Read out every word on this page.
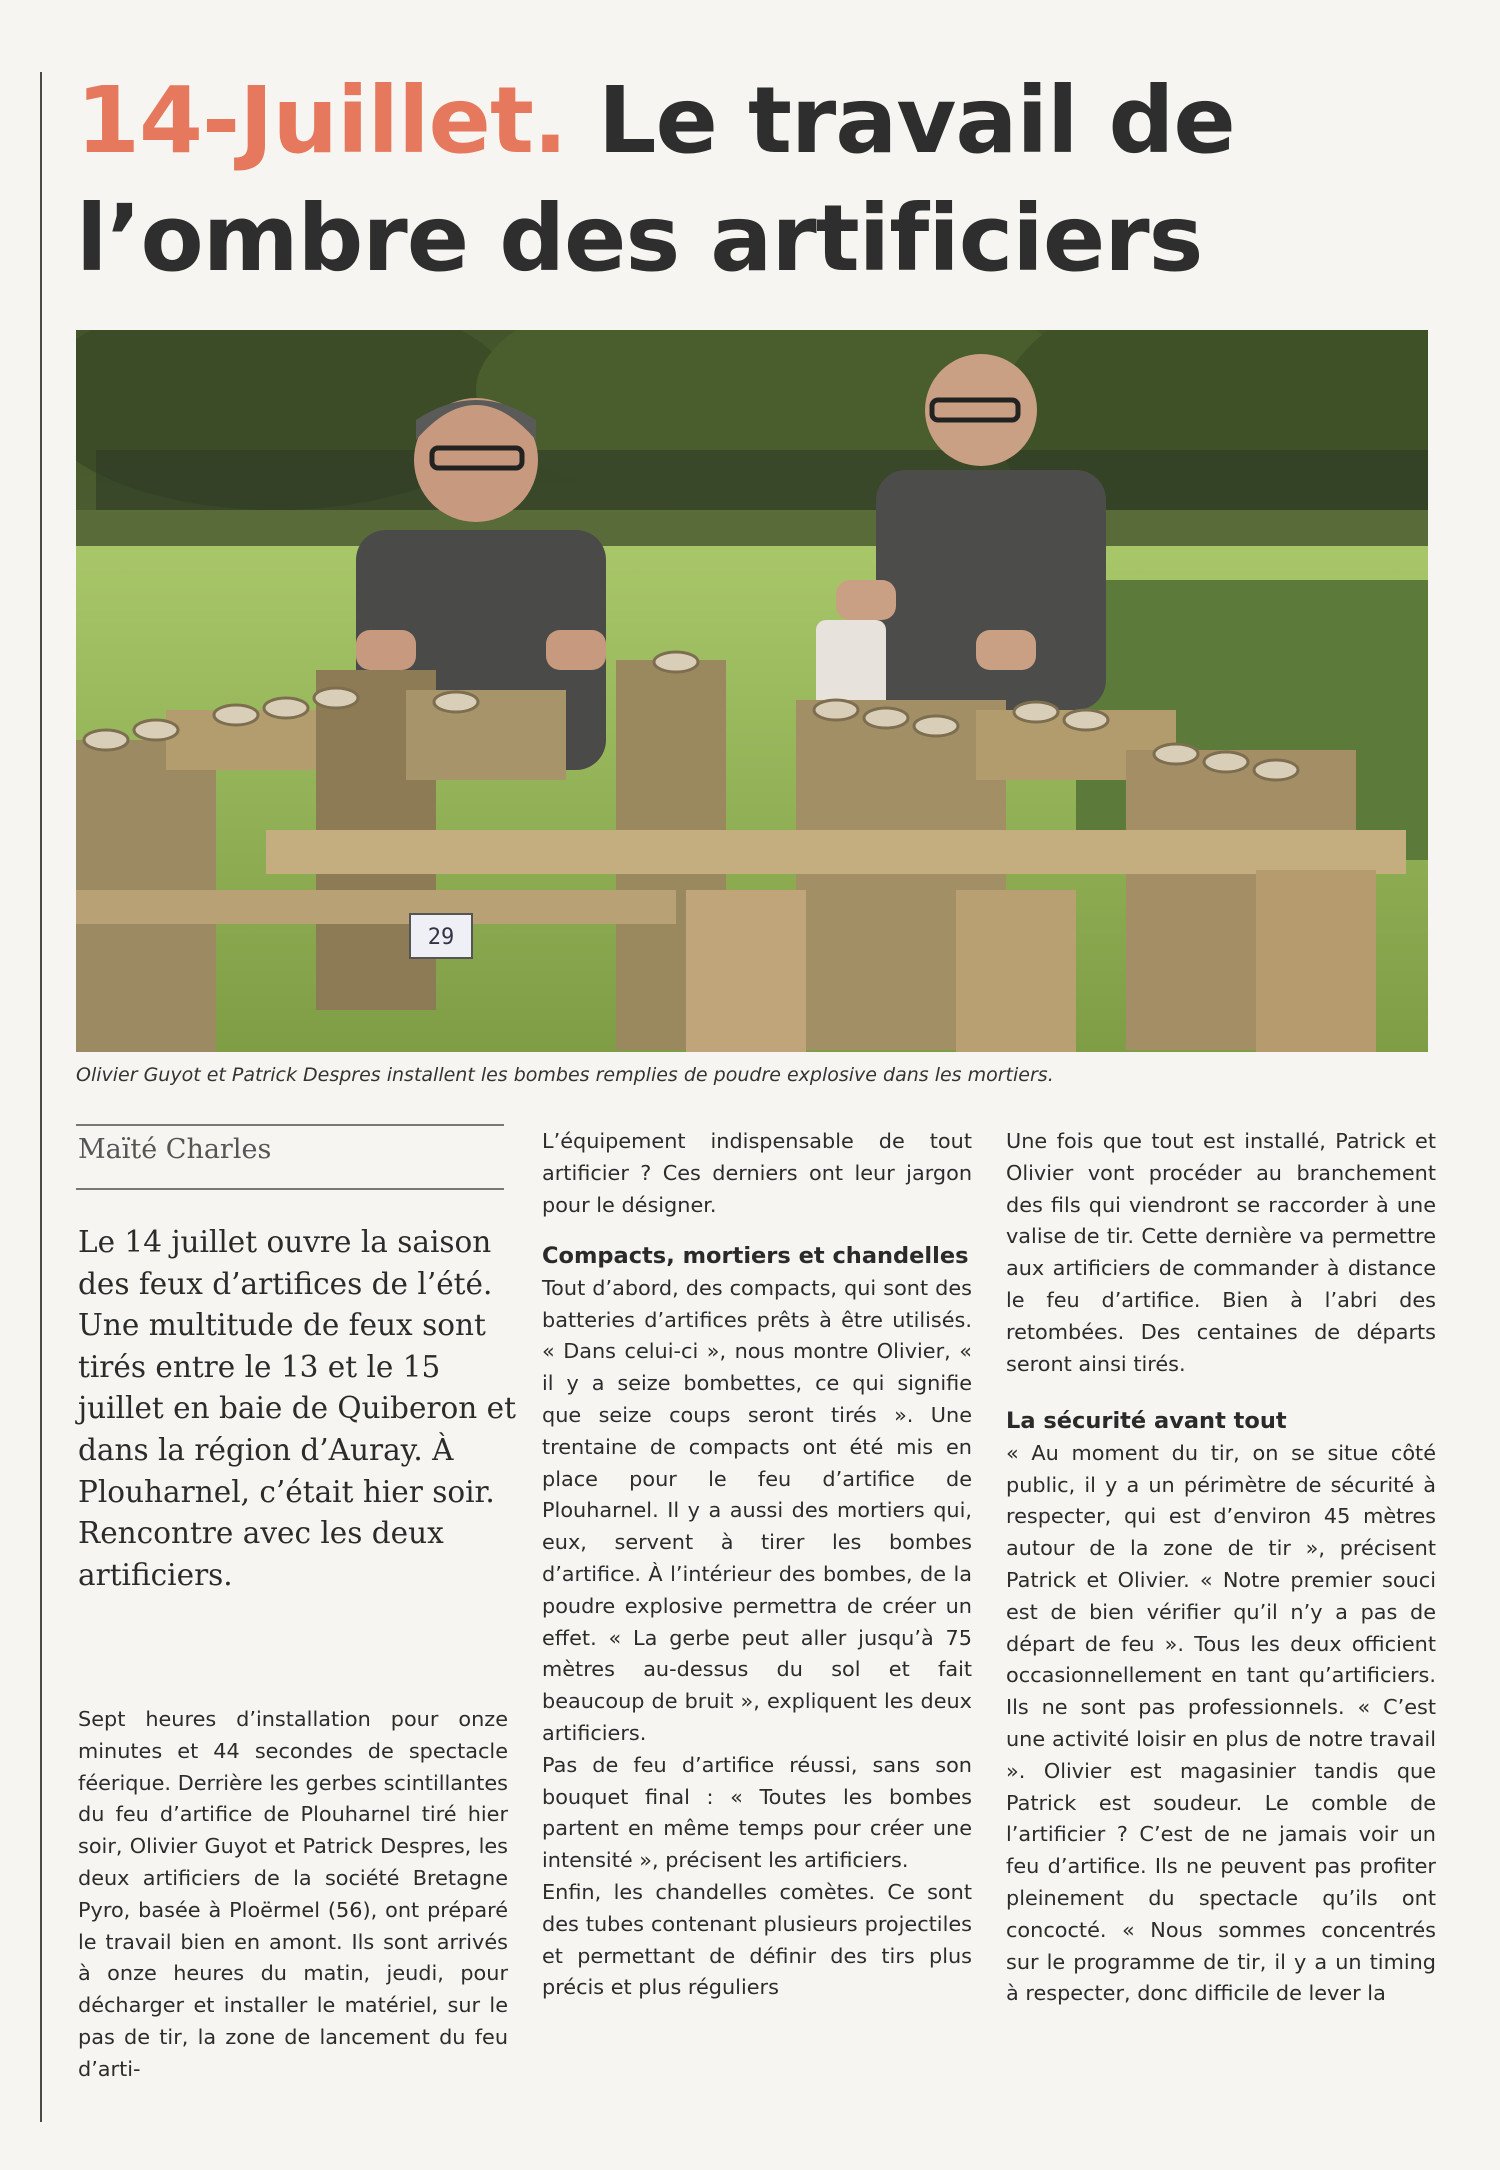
14-Juillet. Le travail de l’ombre des artificiers
29
Olivier Guyot et Patrick Despres installent les bombes remplies de poudre explosive dans les mortiers.
Maïté Charles

Le 14 juillet ouvre la saison des feux d’artifices de l’été. Une multitude de feux sont tirés entre le 13 et le 15 juillet en baie de Quiberon et dans la région d’Auray. À Plouharnel, c’était hier soir. Rencontre avec les deux artificiers.

Sept heures d’installation pour onze minutes et 44 secondes de spectacle féerique. Derrière les gerbes scintillantes du feu d’artifice de Plouharnel tiré hier soir, Olivier Guyot et Patrick Despres, les deux artificiers de la société Bretagne Pyro, basée à Ploërmel (56), ont préparé le travail bien en amont. Ils sont arrivés à onze heures du matin, jeudi, pour décharger et installer le matériel, sur le pas de tir, la zone de lancement du feu d’arti-

L’équipement indispensable de tout artificier ? Ces derniers ont leur jargon pour le désigner.

Compacts, mortiers et chandelles

Tout d’abord, des compacts, qui sont des batteries d’artifices prêts à être utilisés. « Dans celui-ci », nous montre Olivier, « il y a seize bombettes, ce qui signifie que seize coups seront tirés ». Une trentaine de compacts ont été mis en place pour le feu d’artifice de Plouharnel. Il y a aussi des mortiers qui, eux, servent à tirer les bombes d’artifice. À l’intérieur des bombes, de la poudre explosive permettra de créer un effet. « La gerbe peut aller jusqu’à 75 mètres au-dessus du sol et fait beaucoup de bruit », expliquent les deux artificiers.

Pas de feu d’artifice réussi, sans son bouquet final : « Toutes les bombes partent en même temps pour créer une intensité », précisent les artificiers.

Enfin, les chandelles comètes. Ce sont des tubes contenant plusieurs projectiles et permettant de définir des tirs plus précis et plus réguliers

Une fois que tout est installé, Patrick et Olivier vont procéder au branchement des fils qui viendront se raccorder à une valise de tir. Cette dernière va permettre aux artificiers de commander à distance le feu d’artifice. Bien à l’abri des retombées. Des centaines de départs seront ainsi tirés.

La sécurité avant tout

« Au moment du tir, on se situe côté public, il y a un périmètre de sécurité à respecter, qui est d’environ 45 mètres autour de la zone de tir », précisent Patrick et Olivier. « Notre premier souci est de bien vérifier qu’il n’y a pas de départ de feu ». Tous les deux officient occasionnellement en tant qu’artificiers. Ils ne sont pas professionnels. « C’est une activité loisir en plus de notre travail ». Olivier est magasinier tandis que Patrick est soudeur. Le comble de l’artificier ? C’est de ne jamais voir un feu d’artifice. Ils ne peuvent pas profiter pleinement du spectacle qu’ils ont concocté. « Nous sommes concentrés sur le programme de tir, il y a un timing à respecter, donc difficile de lever la
